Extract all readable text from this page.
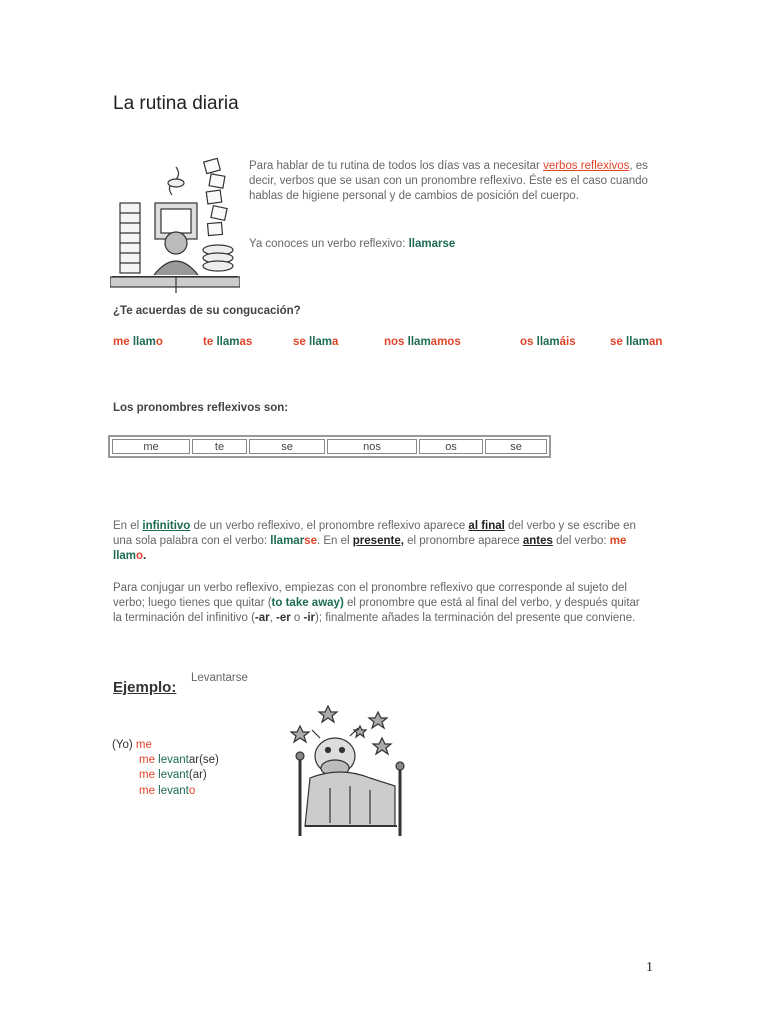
La rutina diaria
Para hablar de tu rutina de todos los días vas a necesitar verbos reflexivos, es decir, verbos que se usan con un pronombre reflexivo. Éste es el caso cuando hablas de higiene personal y de cambios de posición del cuerpo.
Ya conoces un verbo reflexivo: llamarse
¿Te acuerdas de su congucación?
me llamo	te llamas	se llama	nos llamamos	os llamáis	se llaman
Los pronombres reflexivos son:
me	te	se	nos	os	se
En el infinitivo de un verbo reflexivo, el pronombre reflexivo aparece al final del verbo y se escribe en una sola palabra con el verbo: llamarse. En el presente, el pronombre aparece antes del verbo: me llamo.
Para conjugar un verbo reflexivo, empiezas con el pronombre reflexivo que corresponde al sujeto del verbo; luego tienes que quitar (to take away) el pronombre que está al final del verbo, y después quitar la terminación del infinitivo (-ar, -er o -ir); finalmente añades la terminación del presente que conviene.
Ejemplo:
Levantarse
(Yo) me
me levantar(se)
me levant(ar)
me levanto
1
